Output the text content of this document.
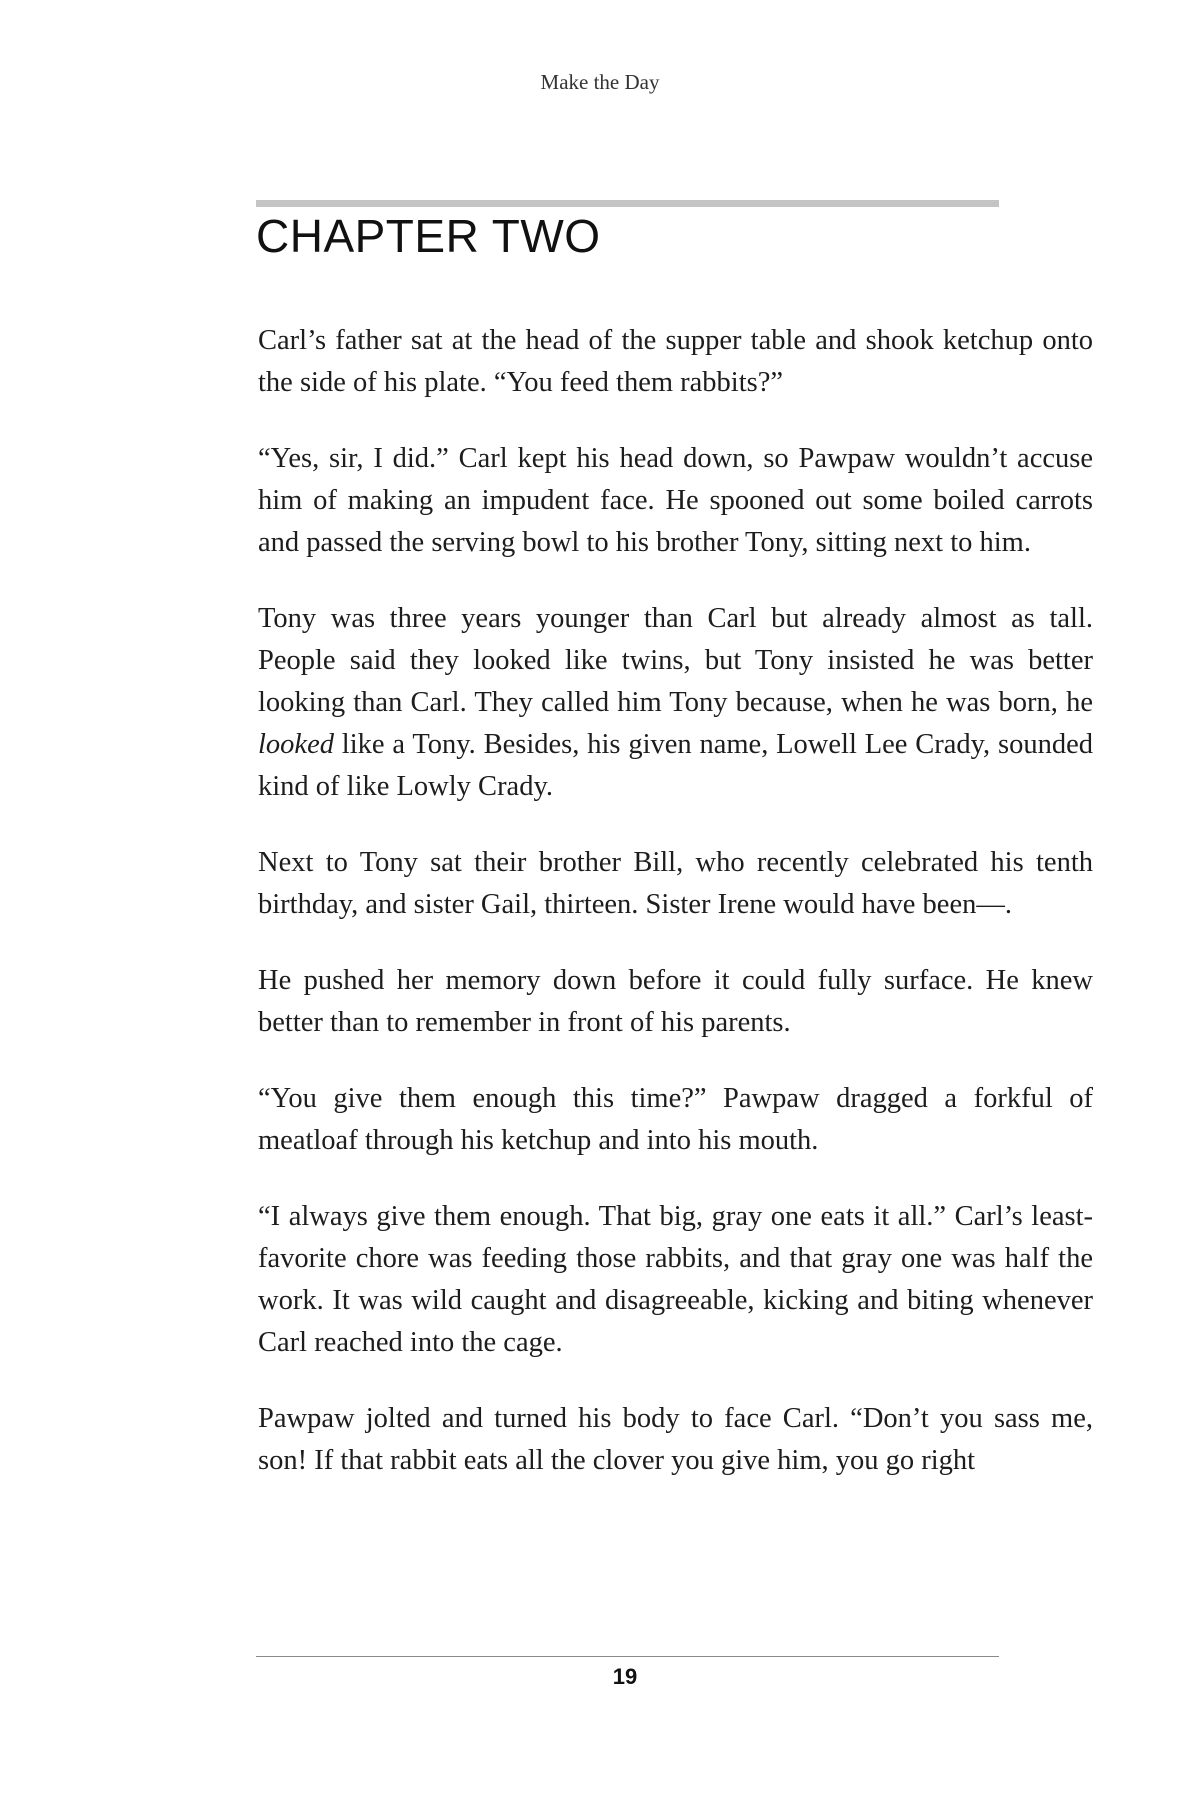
Make the Day
CHAPTER TWO

Carl’s father sat at the head of the supper table and shook ketchup onto the side of his plate. “You feed them rabbits?”

“Yes, sir, I did.” Carl kept his head down, so Pawpaw wouldn’t accuse him of making an impudent face. He spooned out some boiled carrots and passed the serving bowl to his brother Tony, sitting next to him.

Tony was three years younger than Carl but already almost as tall. People said they looked like twins, but Tony insisted he was better looking than Carl. They called him Tony because, when he was born, he looked like a Tony. Besides, his given name, Lowell Lee Crady, sounded kind of like Lowly Crady.

Next to Tony sat their brother Bill, who recently celebrated his tenth birthday, and sister Gail, thirteen. Sister Irene would have been—.

He pushed her memory down before it could fully surface. He knew better than to remember in front of his parents.

“You give them enough this time?” Pawpaw dragged a forkful of meatloaf through his ketchup and into his mouth.

“I always give them enough. That big, gray one eats it all.” Carl’s least-favorite chore was feeding those rabbits, and that gray one was half the work. It was wild caught and disagreeable, kicking and biting whenever Carl reached into the cage.

Pawpaw jolted and turned his body to face Carl. “Don’t you sass me, son! If that rabbit eats all the clover you give him, you go right

19
